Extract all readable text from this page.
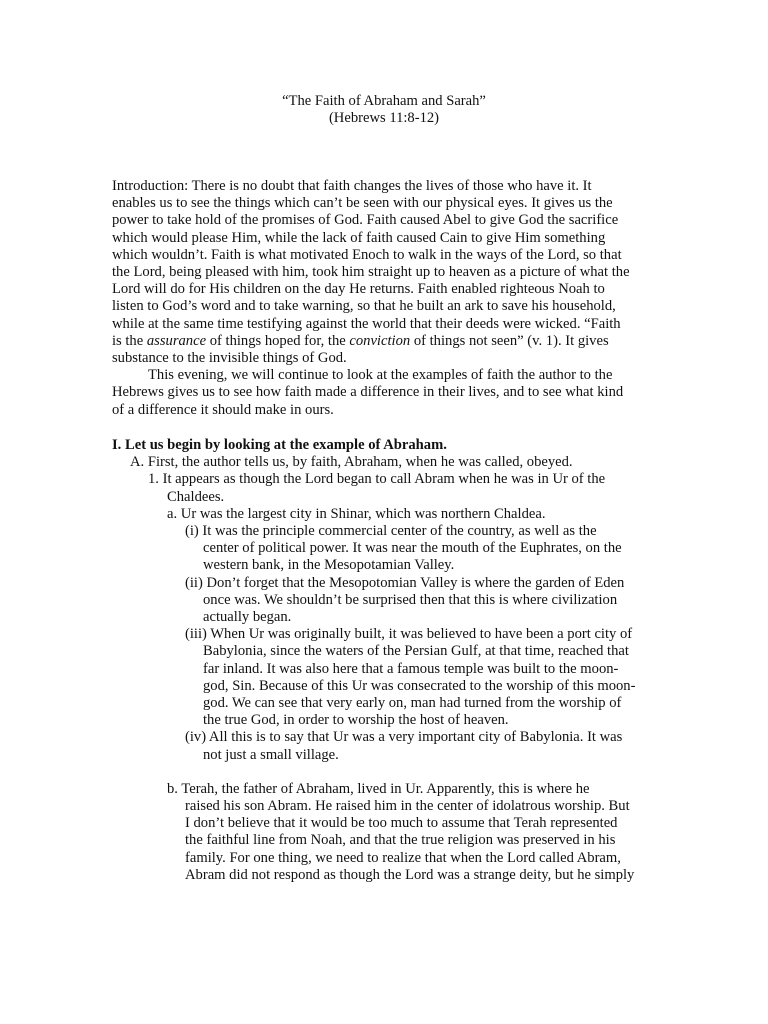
“The Faith of Abraham and Sarah”
(Hebrews 11:8-12)
Introduction: There is no doubt that faith changes the lives of those who have it. It
enables us to see the things which can’t be seen with our physical eyes. It gives us the
power to take hold of the promises of God. Faith caused Abel to give God the sacrifice
which would please Him, while the lack of faith caused Cain to give Him something
which wouldn’t. Faith is what motivated Enoch to walk in the ways of the Lord, so that
the Lord, being pleased with him, took him straight up to heaven as a picture of what the
Lord will do for His children on the day He returns. Faith enabled righteous Noah to
listen to God’s word and to take warning, so that he built an ark to save his household,
while at the same time testifying against the world that their deeds were wicked. “Faith
is the assurance of things hoped for, the conviction of things not seen” (v. 1). It gives
substance to the invisible things of God.
This evening, we will continue to look at the examples of faith the author to the
Hebrews gives us to see how faith made a difference in their lives, and to see what kind
of a difference it should make in ours.
I. Let us begin by looking at the example of Abraham.
A. First, the author tells us, by faith, Abraham, when he was called, obeyed.
1. It appears as though the Lord began to call Abram when he was in Ur of the
Chaldees.
a. Ur was the largest city in Shinar, which was northern Chaldea.
(i) It was the principle commercial center of the country, as well as the
center of political power. It was near the mouth of the Euphrates, on the
western bank, in the Mesopotamian Valley.
(ii) Don’t forget that the Mesopotomian Valley is where the garden of Eden
once was. We shouldn’t be surprised then that this is where civilization
actually began.
(iii) When Ur was originally built, it was believed to have been a port city of
Babylonia, since the waters of the Persian Gulf, at that time, reached that
far inland. It was also here that a famous temple was built to the moon-
god, Sin. Because of this Ur was consecrated to the worship of this moon-
god. We can see that very early on, man had turned from the worship of
the true God, in order to worship the host of heaven.
(iv) All this is to say that Ur was a very important city of Babylonia. It was
not just a small village.
b. Terah, the father of Abraham, lived in Ur. Apparently, this is where he
raised his son Abram. He raised him in the center of idolatrous worship. But
I don’t believe that it would be too much to assume that Terah represented
the faithful line from Noah, and that the true religion was preserved in his
family. For one thing, we need to realize that when the Lord called Abram,
Abram did not respond as though the Lord was a strange deity, but he simply
